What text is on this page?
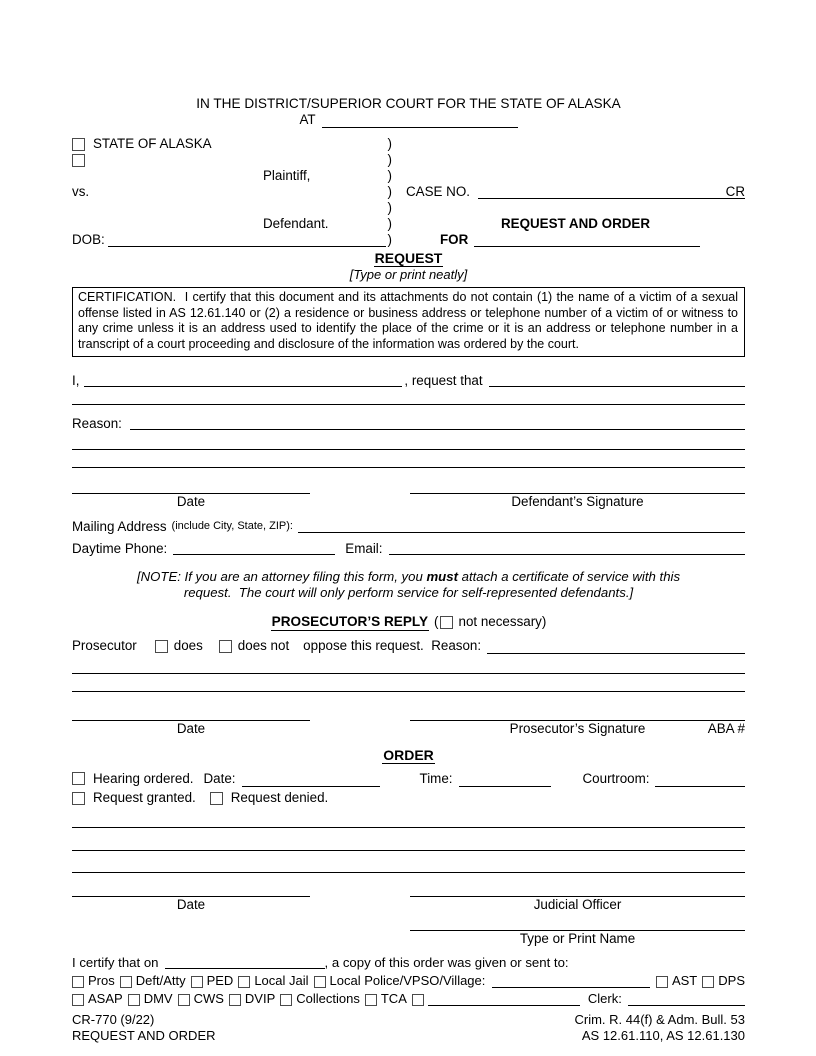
IN THE DISTRICT/SUPERIOR COURT FOR THE STATE OF ALASKA
AT
STATE OF ALASKA	)
)
Plaintiff,	)
vs.	)
)
Defendant.	)
DOB:	)
CASE NO.	CR
REQUEST AND ORDER
FOR
REQUEST
[Type or print neatly]
CERTIFICATION.  I certify that this document and its attachments do not contain (1) the name of a victim of a sexual offense listed in AS 12.61.140 or (2) a residence or business address or telephone number of a victim of or witness to any crime unless it is an address used to identify the place of the crime or it is an address or telephone number in a transcript of a court proceeding and disclosure of the information was ordered by the court.
I,	, request that
Reason:
Date	Defendant’s Signature
Mailing Address (include City, State, ZIP):
Daytime Phone:	Email:
[NOTE: If you are an attorney filing this form, you must attach a certificate of service with this
request.  The court will only perform service for self-represented defendants.]
PROSECUTOR’S REPLY ( not necessary)
Prosecutor	does	does not oppose this request.  Reason:
Date	Prosecutor’s Signature	ABA #
ORDER
Hearing ordered. Date:	Time:	Courtroom:
Request granted.	Request denied.
Date	Judicial Officer
Type or Print Name
I certify that on	, a copy of this order was given or sent to:
Pros Deft/Atty PED Local Jail Local Police/VPSO/Village:	AST DPS
ASAP DMV CWS DVIP Collections TCA	Clerk:
CR-770 (9/22)
REQUEST AND ORDER
Crim. R. 44(f) & Adm. Bull. 53
AS 12.61.110, AS 12.61.130
